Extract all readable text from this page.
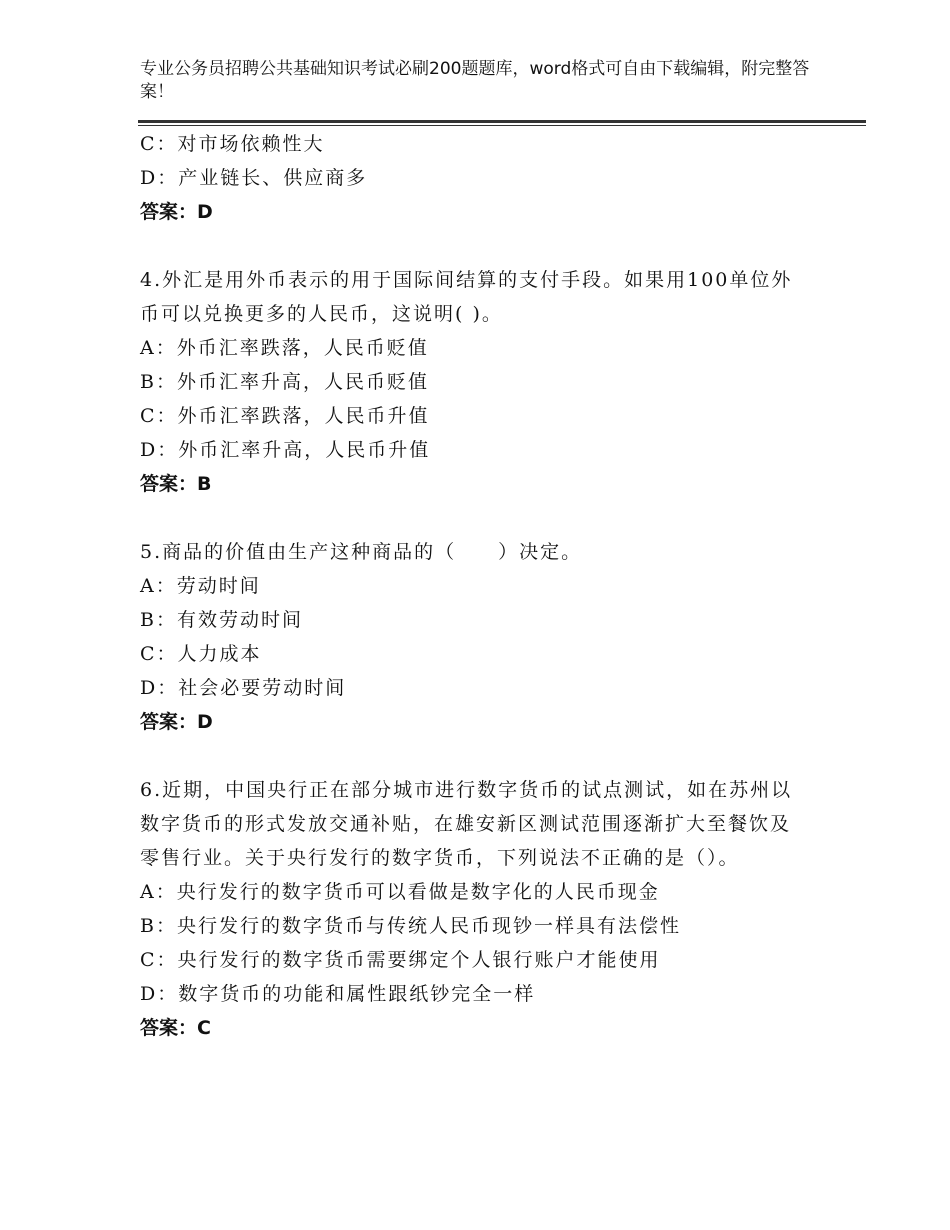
专业公务员招聘公共基础知识考试必刷200题题库，word格式可自由下载编辑，附完整答案！
C：对市场依赖性大
D：产业链长、供应商多
答案：D
4.外汇是用外币表示的用于国际间结算的支付手段。如果用100单位外币可以兑换更多的人民币，这说明( )。
A：外币汇率跌落，人民币贬值
B：外币汇率升高，人民币贬值
C：外币汇率跌落，人民币升值
D：外币汇率升高，人民币升值
答案：B
5.商品的价值由生产这种商品的（　　）决定。
A：劳动时间
B：有效劳动时间
C：人力成本
D：社会必要劳动时间
答案：D
6.近期，中国央行正在部分城市进行数字货币的试点测试，如在苏州以数字货币的形式发放交通补贴，在雄安新区测试范围逐渐扩大至餐饮及零售行业。关于央行发行的数字货币，下列说法不正确的是（）。
A：央行发行的数字货币可以看做是数字化的人民币现金
B：央行发行的数字货币与传统人民币现钞一样具有法偿性
C：央行发行的数字货币需要绑定个人银行账户才能使用
D：数字货币的功能和属性跟纸钞完全一样
答案：C
